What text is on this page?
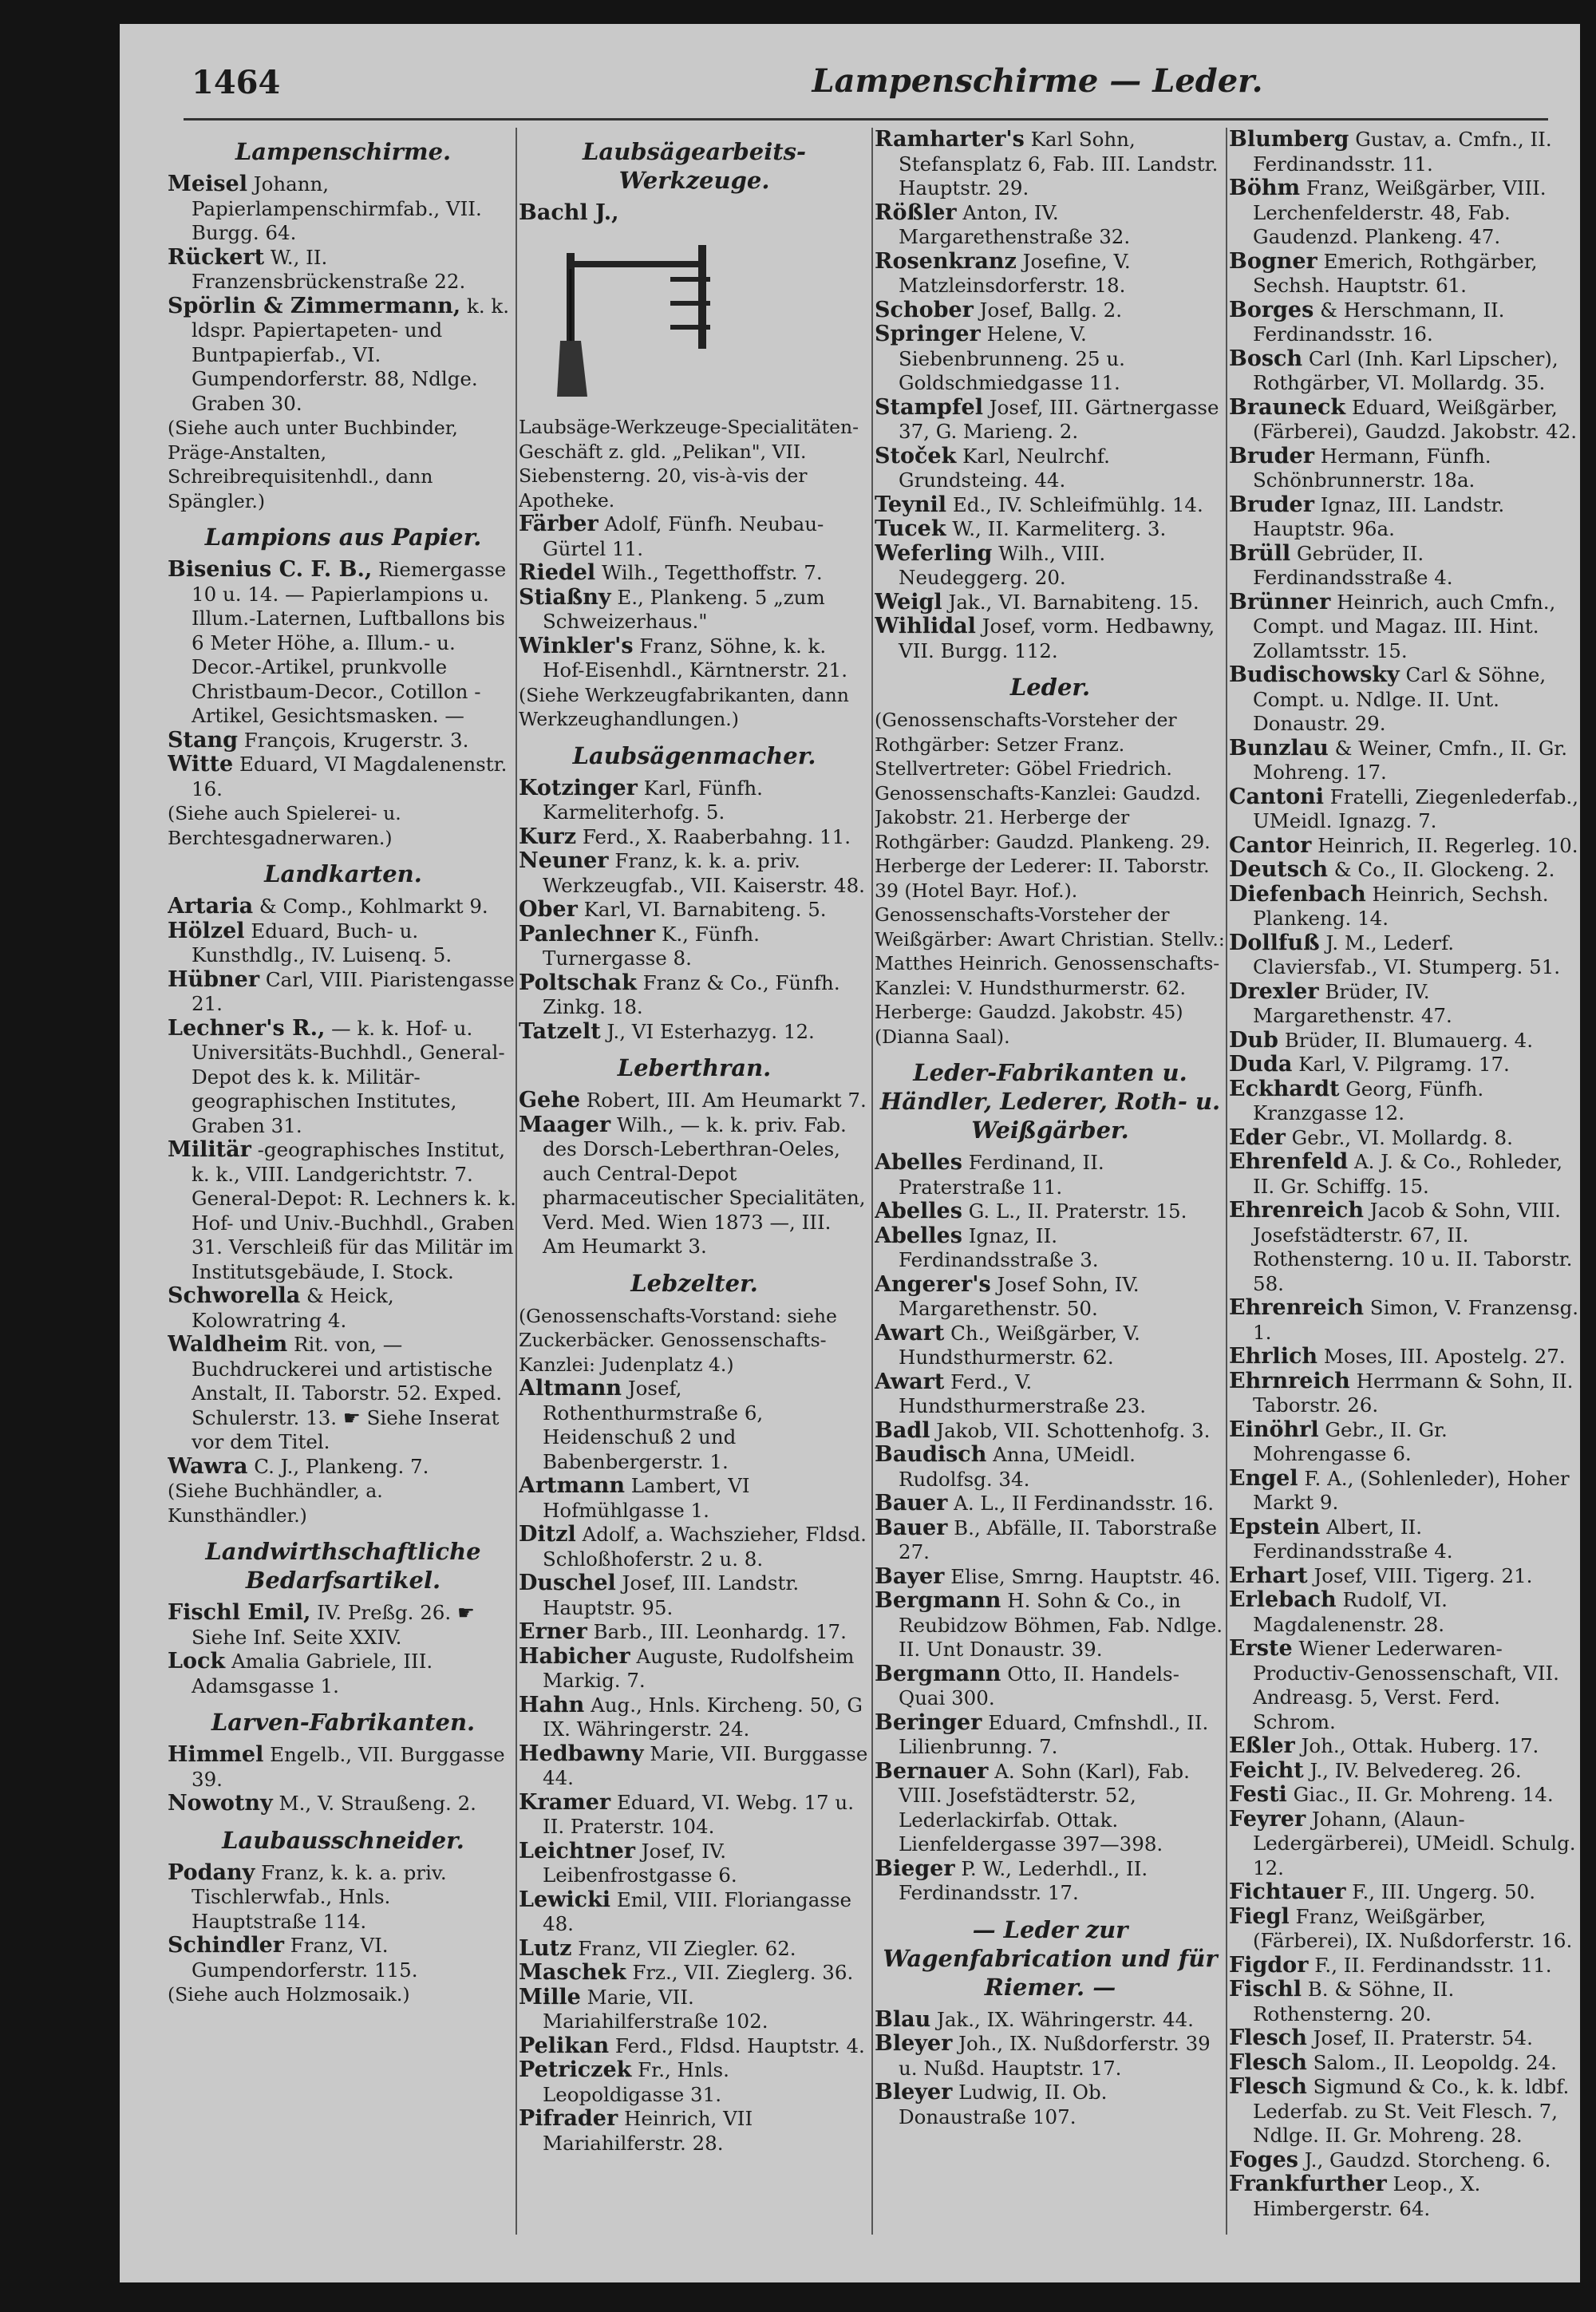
1464	Lampenschirme — Leder.
Lampenschirme.

Meisel Johann, Papierlampenschirmfab., VII. Burgg. 64.

Rückert W., II. Franzensbrückenstraße 22.

Spörlin & Zimmermann, k. k. ldspr. Papiertapeten- und Buntpapierfab., VI. Gumpendorferstr. 88, Ndlge. Graben 30.

(Siehe auch unter Buchbinder, Präge-Anstalten, Schreibrequisitenhdl., dann Spängler.)

Lampions aus Papier.

Bisenius C. F. B., Riemergasse 10 u. 14. — Papierlampions u. Illum.-Laternen, Luftballons bis 6 Meter Höhe, a. Illum.- u. Decor.-Artikel, prunkvolle Christbaum-Decor., Cotillon - Artikel, Gesichtsmasken. —

Stang François, Krugerstr. 3.

Witte Eduard, VI Magdalenenstr. 16.

(Siehe auch Spielerei- u. Berchtesgadnerwaren.)

Landkarten.

Artaria & Comp., Kohlmarkt 9.

Hölzel Eduard, Buch- u. Kunsthdlg., IV. Luisenq. 5.

Hübner Carl, VIII. Piaristengasse 21.

Lechner's R., — k. k. Hof- u. Universitäts-Buchhdl., General-Depot des k. k. Militär-geographischen Institutes, Graben 31.

Militär -geographisches Institut, k. k., VIII. Landgerichtstr. 7. General-Depot: R. Lechners k. k. Hof- und Univ.-Buchhdl., Graben 31. Verschleiß für das Militär im Institutsgebäude, I. Stock.

Schworella & Heick, Kolowratring 4.

Waldheim Rit. von, — Buchdruckerei und artistische Anstalt, II. Taborstr. 52. Exped. Schulerstr. 13. ☛ Siehe Inserat vor dem Titel.

Wawra C. J., Plankeng. 7.

(Siehe Buchhändler, a. Kunsthändler.)

Landwirthschaftliche Bedarfsartikel.

Fischl Emil, IV. Preßg. 26. ☛ Siehe Inf. Seite XXIV.

Lock Amalia Gabriele, III. Adamsgasse 1.

Larven-Fabrikanten.

Himmel Engelb., VII. Burggasse 39.

Nowotny M., V. Straußeng. 2.

Laubausschneider.

Podany Franz, k. k. a. priv. Tischlerwfab., Hnls. Hauptstraße 114.

Schindler Franz, VI. Gumpendorferstr. 115.

(Siehe auch Holzmosaik.)

Laubsägearbeits-Werkzeuge.

Bachl J.,

Laubsäge-Werkzeuge-Specialitäten-Geschäft z. gld. „Pelikan", VII. Siebensterng. 20, vis-à-vis der Apotheke.

Färber Adolf, Fünfh. Neubau-Gürtel 11.

Riedel Wilh., Tegetthoffstr. 7.

Stiaßny E., Plankeng. 5 „zum Schweizerhaus."

Winkler's Franz, Söhne, k. k. Hof-Eisenhdl., Kärntnerstr. 21.

(Siehe Werkzeugfabrikanten, dann Werkzeughandlungen.)

Laubsägenmacher.

Kotzinger Karl, Fünfh. Karmeliterhofg. 5.

Kurz Ferd., X. Raaberbahng. 11.

Neuner Franz, k. k. a. priv. Werkzeugfab., VII. Kaiserstr. 48.

Ober Karl, VI. Barnabiteng. 5.

Panlechner K., Fünfh. Turnergasse 8.

Poltschak Franz & Co., Fünfh. Zinkg. 18.

Tatzelt J., VI Esterhazyg. 12.

Leberthran.

Gehe Robert, III. Am Heumarkt 7.

Maager Wilh., — k. k. priv. Fab. des Dorsch-Leberthran-Oeles, auch Central-Depot pharmaceutischer Specialitäten, Verd. Med. Wien 1873 —, III. Am Heumarkt 3.

Lebzelter.

(Genossenschafts-Vorstand: siehe Zuckerbäcker. Genossenschafts-Kanzlei: Judenplatz 4.)

Altmann Josef, Rothenthurmstraße 6, Heidenschuß 2 und Babenbergerstr. 1.

Artmann Lambert, VI Hofmühlgasse 1.

Ditzl Adolf, a. Wachszieher, Fldsd. Schloßhoferstr. 2 u. 8.

Duschel Josef, III. Landstr. Hauptstr. 95.

Erner Barb., III. Leonhardg. 17.

Habicher Auguste, Rudolfsheim Markig. 7.

Hahn Aug., Hnls. Kircheng. 50, G IX. Währingerstr. 24.

Hedbawny Marie, VII. Burggasse 44.

Kramer Eduard, VI. Webg. 17 u. II. Praterstr. 104.

Leichtner Josef, IV. Leibenfrostgasse 6.

Lewicki Emil, VIII. Floriangasse 48.

Lutz Franz, VII Ziegler. 62.

Maschek Frz., VII. Zieglerg. 36.

Mille Marie, VII. Mariahilferstraße 102.

Pelikan Ferd., Fldsd. Hauptstr. 4.

Petriczek Fr., Hnls. Leopoldigasse 31.

Pifrader Heinrich, VII Mariahilferstr. 28.

Ramharter's Karl Sohn, Stefansplatz 6, Fab. III. Landstr. Hauptstr. 29.

Rößler Anton, IV. Margarethenstraße 32.

Rosenkranz Josefine, V. Matzleinsdorferstr. 18.

Schober Josef, Ballg. 2.

Springer Helene, V. Siebenbrunneng. 25 u. Goldschmiedgasse 11.

Stampfel Josef, III. Gärtnergasse 37, G. Marieng. 2.

Stoček Karl, Neulrchf. Grundsteing. 44.

Teynil Ed., IV. Schleifmühlg. 14.

Tucek W., II. Karmeliterg. 3.

Weferling Wilh., VIII. Neudeggerg. 20.

Weigl Jak., VI. Barnabiteng. 15.

Wihlidal Josef, vorm. Hedbawny, VII. Burgg. 112.

Leder.

(Genossenschafts-Vorsteher der Rothgärber: Setzer Franz. Stellvertreter: Göbel Friedrich. Genossenschafts-Kanzlei: Gaudzd. Jakobstr. 21. Herberge der Rothgärber: Gaudzd. Plankeng. 29. Herberge der Lederer: II. Taborstr. 39 (Hotel Bayr. Hof.). Genossenschafts-Vorsteher der Weißgärber: Awart Christian. Stellv.: Matthes Heinrich. Genossenschafts-Kanzlei: V. Hundsthurmerstr. 62. Herberge: Gaudzd. Jakobstr. 45) (Dianna Saal).

Leder-Fabrikanten u. Händler, Lederer, Roth- u. Weißgärber.

Abelles Ferdinand, II. Praterstraße 11.

Abelles G. L., II. Praterstr. 15.

Abelles Ignaz, II. Ferdinandsstraße 3.

Angerer's Josef Sohn, IV. Margarethenstr. 50.

Awart Ch., Weißgärber, V. Hundsthurmerstr. 62.

Awart Ferd., V. Hundsthurmerstraße 23.

Badl Jakob, VII. Schottenhofg. 3.

Baudisch Anna, UMeidl. Rudolfsg. 34.

Bauer A. L., II Ferdinandsstr. 16.

Bauer B., Abfälle, II. Taborstraße 27.

Bayer Elise, Smrng. Hauptstr. 46.

Bergmann H. Sohn & Co., in Reubidzow Böhmen, Fab. Ndlge. II. Unt Donaustr. 39.

Bergmann Otto, II. Handels-Quai 300.

Beringer Eduard, Cmfnshdl., II. Lilienbrunng. 7.

Bernauer A. Sohn (Karl), Fab. VIII. Josefstädterstr. 52, Lederlackirfab. Ottak. Lienfeldergasse 397—398.

Bieger P. W., Lederhdl., II. Ferdinandsstr. 17.

— Leder zur Wagenfabrication und für Riemer. —

Blau Jak., IX. Währingerstr. 44.

Bleyer Joh., IX. Nußdorferstr. 39 u. Nußd. Hauptstr. 17.

Bleyer Ludwig, II. Ob. Donaustraße 107.

Blumberg Gustav, a. Cmfn., II. Ferdinandsstr. 11.

Böhm Franz, Weißgärber, VIII. Lerchenfelderstr. 48, Fab. Gaudenzd. Plankeng. 47.

Bogner Emerich, Rothgärber, Sechsh. Hauptstr. 61.

Borges & Herschmann, II. Ferdinandsstr. 16.

Bosch Carl (Inh. Karl Lipscher), Rothgärber, VI. Mollardg. 35.

Brauneck Eduard, Weißgärber, (Färberei), Gaudzd. Jakobstr. 42.

Bruder Hermann, Fünfh. Schönbrunnerstr. 18a.

Bruder Ignaz, III. Landstr. Hauptstr. 96a.

Brüll Gebrüder, II. Ferdinandsstraße 4.

Brünner Heinrich, auch Cmfn., Compt. und Magaz. III. Hint. Zollamtsstr. 15.

Budischowsky Carl & Söhne, Compt. u. Ndlge. II. Unt. Donaustr. 29.

Bunzlau & Weiner, Cmfn., II. Gr. Mohreng. 17.

Cantoni Fratelli, Ziegenlederfab., UMeidl. Ignazg. 7.

Cantor Heinrich, II. Regerleg. 10.

Deutsch & Co., II. Glockeng. 2.

Diefenbach Heinrich, Sechsh. Plankeng. 14.

Dollfuß J. M., Lederf. Claviersfab., VI. Stumperg. 51.

Drexler Brüder, IV. Margarethenstr. 47.

Dub Brüder, II. Blumauerg. 4.

Duda Karl, V. Pilgramg. 17.

Eckhardt Georg, Fünfh. Kranzgasse 12.

Eder Gebr., VI. Mollardg. 8.

Ehrenfeld A. J. & Co., Rohleder, II. Gr. Schiffg. 15.

Ehrenreich Jacob & Sohn, VIII. Josefstädterstr. 67, II. Rothensterng. 10 u. II. Taborstr. 58.

Ehrenreich Simon, V. Franzensg. 1.

Ehrlich Moses, III. Apostelg. 27.

Ehrnreich Herrmann & Sohn, II. Taborstr. 26.

Einöhrl Gebr., II. Gr. Mohrengasse 6.

Engel F. A., (Sohlenleder), Hoher Markt 9.

Epstein Albert, II. Ferdinandsstraße 4.

Erhart Josef, VIII. Tigerg. 21.

Erlebach Rudolf, VI. Magdalenenstr. 28.

Erste Wiener Lederwaren-Productiv-Genossenschaft, VII. Andreasg. 5, Verst. Ferd. Schrom.

Eßler Joh., Ottak. Huberg. 17.

Feicht J., IV. Belvedereg. 26.

Festi Giac., II. Gr. Mohreng. 14.

Feyrer Johann, (Alaun-Ledergärberei), UMeidl. Schulg. 12.

Fichtauer F., III. Ungerg. 50.

Fiegl Franz, Weißgärber, (Färberei), IX. Nußdorferstr. 16.

Figdor F., II. Ferdinandsstr. 11.

Fischl B. & Söhne, II. Rothensterng. 20.

Flesch Josef, II. Praterstr. 54.

Flesch Salom., II. Leopoldg. 24.

Flesch Sigmund & Co., k. k. ldbf. Lederfab. zu St. Veit Flesch. 7, Ndlge. II. Gr. Mohreng. 28.

Foges J., Gaudzd. Storcheng. 6.

Frankfurther Leop., X. Himbergerstr. 64.
